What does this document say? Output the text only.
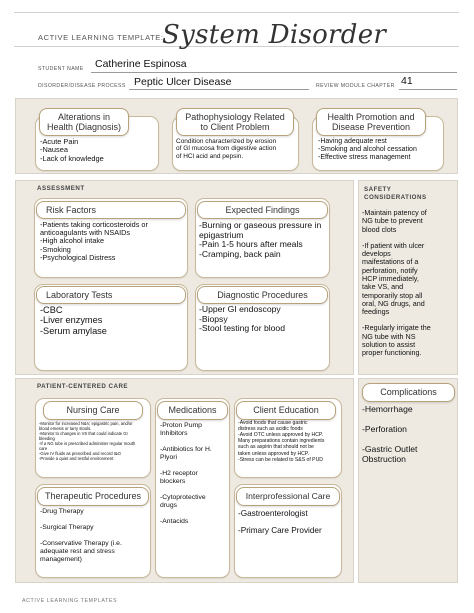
ACTIVE LEARNING TEMPLATE:
System Disorder
STUDENT NAME Catherine Espinosa
DISORDER/DISEASE PROCESS Peptic Ulcer Disease	REVIEW MODULE CHAPTER 41
Alterations in
Health (Diagnosis)
-Acute Pain
-Nausea
-Lack of knowledge
Pathophysiology Related
to Client Problem
Condition characterized by erosion
of GI mucosa from digestive action
of HCl acid and pepsin.
Health Promotion and
Disease Prevention
-Having adequate rest
-Smoking and alcohol cessation
-Effective stress management
ASSESSMENT
Risk Factors
-Patients taking corticosteroids or
anticoagulants with NSAIDs
-High alcohol intake
-Smoking
-Psychological Distress
Expected Findings
-Burning or gaseous pressure in
epigastrium
-Pain 1-5 hours after meals
-Cramping, back pain
Laboratory Tests
-CBC
-Liver enzymes
-Serum amylase
Diagnostic Procedures
-Upper GI endoscopy
-Biopsy
-Stool testing for blood
SAFETY
CONSIDERATIONS
-Maintain patency of
NG tube to prevent
blood clots
-If patient with ulcer
develops
maifestations of a
perforation, notify
HCP immediately,
take VS, and
temporarily stop all
oral, NG drugs, and
feedings
-Regularly irrigate the
NG tube with NS
solution to assist
proper functioning.
PATIENT-CENTERED CARE
Nursing Care
-Monitor for increased N&V, epigastric pain, and/or
blood emesis or tarry stools.
-Monitor to changes in VS that could indicate GI
bleeding
-If a NG tube is prescribed administer regular mouth
care
-Give IV fluids as prescribed and record I&O
-Provide a quiet and restful environment
Medications
-Proton Pump
Inhibitors
-Antibiotics for H.
Plyori
-H2 receptor
blockers
-Cytoprotective
drugs
-Antacids
Client Education
-Avoid foods that cause gastric
distress such as acidic foods
-Avoid OTC unless approved by HCP.
Many preparations contain ingredients
such as aspirin that should not be
taken unless approved by HCP.
-Stress can be related to S&S of PUD
Therapeutic Procedures
-Drug Therapy
-Surgical Therapy
-Conservative Therapy (i.e.
adequate rest and stress
management)
Interprofessional Care
-Gastroenterologist
-Primary Care Provider
Complications
-Hemorrhage
-Perforation
-Gastric Outlet
Obstruction
ACTIVE LEARNING TEMPLATES
